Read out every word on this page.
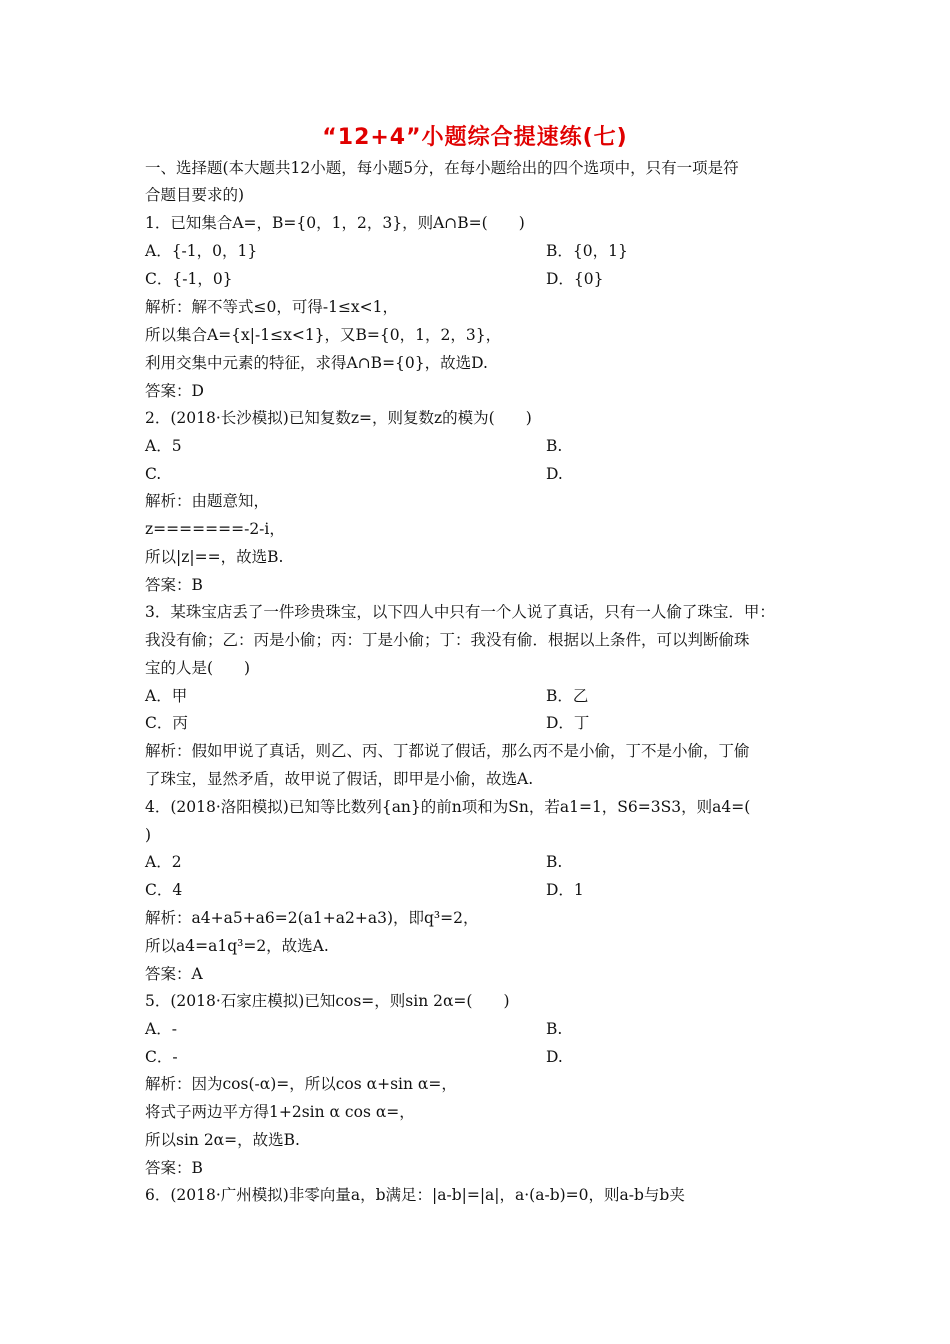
“12+4”小题综合提速练(七)
一、选择题(本大题共12小题，每小题5分，在每小题给出的四个选项中，只有一项是符
合题目要求的)
1．已知集合A=，B={0，1，2，3}，则A∩B=(　　)
A．{-1，0，1}	B．{0，1}
C．{-1，0}	D．{0}
解析：解不等式≤0，可得-1≤x<1，
所以集合A={x|-1≤x<1}，又B={0，1，2，3}，
利用交集中元素的特征，求得A∩B={0}，故选D.
答案：D
2．(2018·长沙模拟)已知复数z=，则复数z的模为(　　)
A．5	B.
C.	D.
解析：由题意知，
z=======-2-i，
所以|z|==，故选B.
答案：B
3．某珠宝店丢了一件珍贵珠宝，以下四人中只有一个人说了真话，只有一人偷了珠宝．甲：
我没有偷；乙：丙是小偷；丙：丁是小偷；丁：我没有偷．根据以上条件，可以判断偷珠
宝的人是(　　)
A．甲	B．乙
C．丙	D．丁
解析：假如甲说了真话，则乙、丙、丁都说了假话，那么丙不是小偷，丁不是小偷，丁偷
了珠宝，显然矛盾，故甲说了假话，即甲是小偷，故选A.
4．(2018·洛阳模拟)已知等比数列{an}的前n项和为Sn，若a1=1，S6=3S3，则a4=(
)
A．2	B.
C．4	D．1
解析：a4+a5+a6=2(a1+a2+a3)，即q³=2，
所以a4=a1q³=2，故选A.
答案：A
5．(2018·石家庄模拟)已知cos=，则sin 2α=(　　)
A．-	B.
C．-	D.
解析：因为cos(-α)=，所以cos α+sin α=，
将式子两边平方得1+2sin α cos α=，
所以sin 2α=，故选B.
答案：B
6．(2018·广州模拟)非零向量a，b满足：|a-b|=|a|，a·(a-b)=0，则a-b与b夹
